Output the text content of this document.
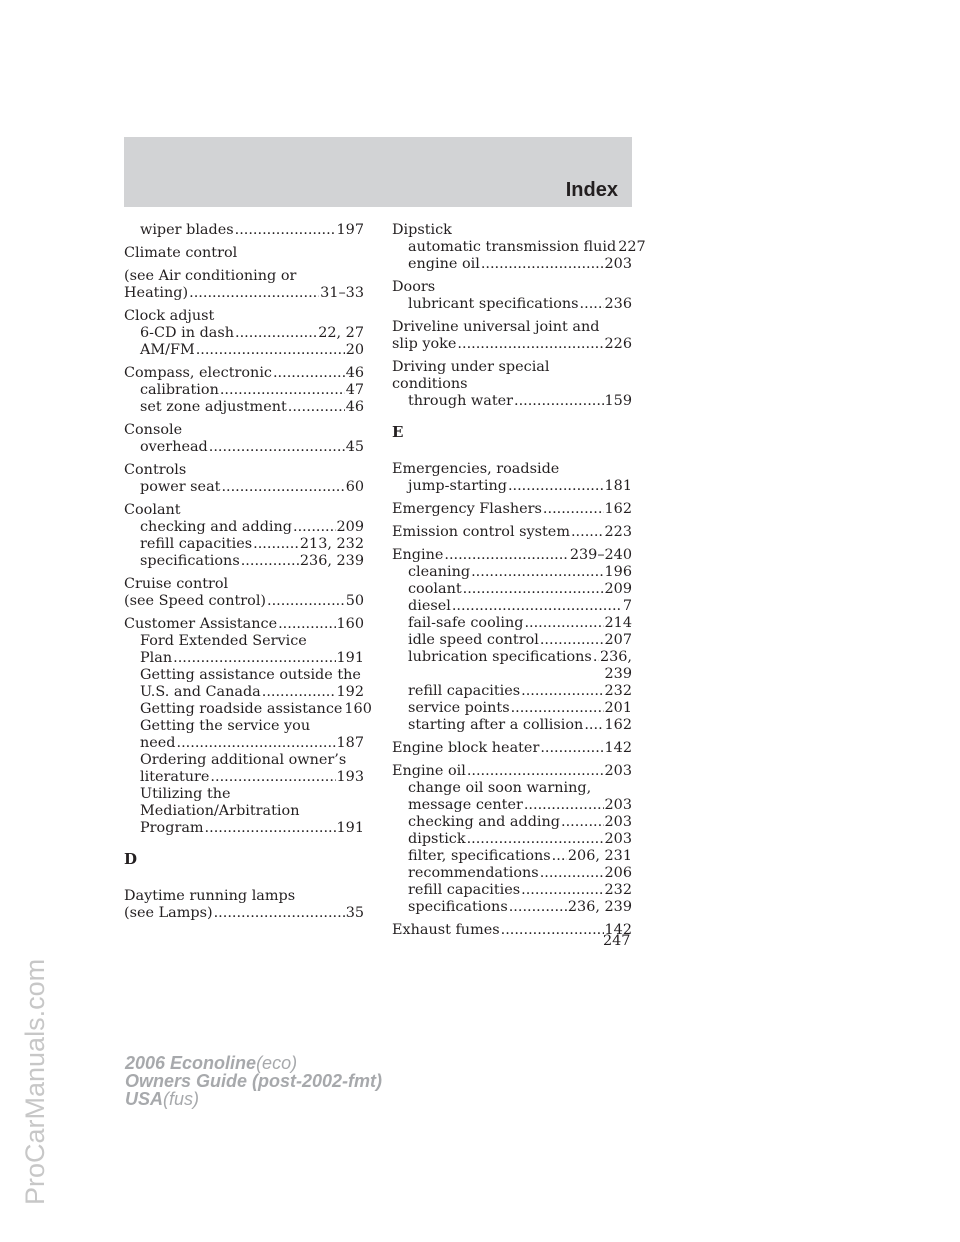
Index
wiper blades .....	197
Climate control
(see Air conditioning or
Heating) .....	31–33
Clock adjust
6-CD in dash .....	22, 27
AM/FM .....	20
Compass, electronic .....	46
calibration .....	47
set zone adjustment .....	46
Console
overhead .....	45
Controls
power seat .....	60
Coolant
checking and adding .....	209
refill capacities .....	213, 232
specifications .....	236, 239
Cruise control
(see Speed control) .....	50
Customer Assistance .....	160
Ford Extended Service
Plan .....	191
Getting assistance outside the
U.S. and Canada .....	192
Getting roadside assistance 160
Getting the service you
need .....	187
Ordering additional owner’s
literature .....	193
Utilizing the
Mediation/Arbitration
Program .....	191
D
Daytime running lamps
(see Lamps) .....	35
Dipstick
automatic transmission fluid 227
engine oil .....	203
Doors
lubricant specifications ..... 236
Driveline universal joint and
slip yoke .....	226
Driving under special
conditions
through water .....	159
E
Emergencies, roadside
jump-starting .....	181
Emergency Flashers .....	162
Emission control system ..... 223
Engine .....	239–240
cleaning .....	196
coolant .....	209
diesel .....	7
fail-safe cooling .....	214
idle speed control .....	207
lubrication specifications ..... 236,
239
refill capacities .....	232
service points .....	201
starting after a collision ..... 162
Engine block heater .....	142
Engine oil .....	203
change oil soon warning,
message center .....	203
checking and adding .....	203
dipstick .....	203
filter, specifications ..... 206, 231
recommendations .....	206
refill capacities .....	232
specifications .....	236, 239
Exhaust fumes .....	142
247
2006 Econoline(eco)
Owners Guide (post-2002-fmt)
USA(fus)
ProCarManuals.com
